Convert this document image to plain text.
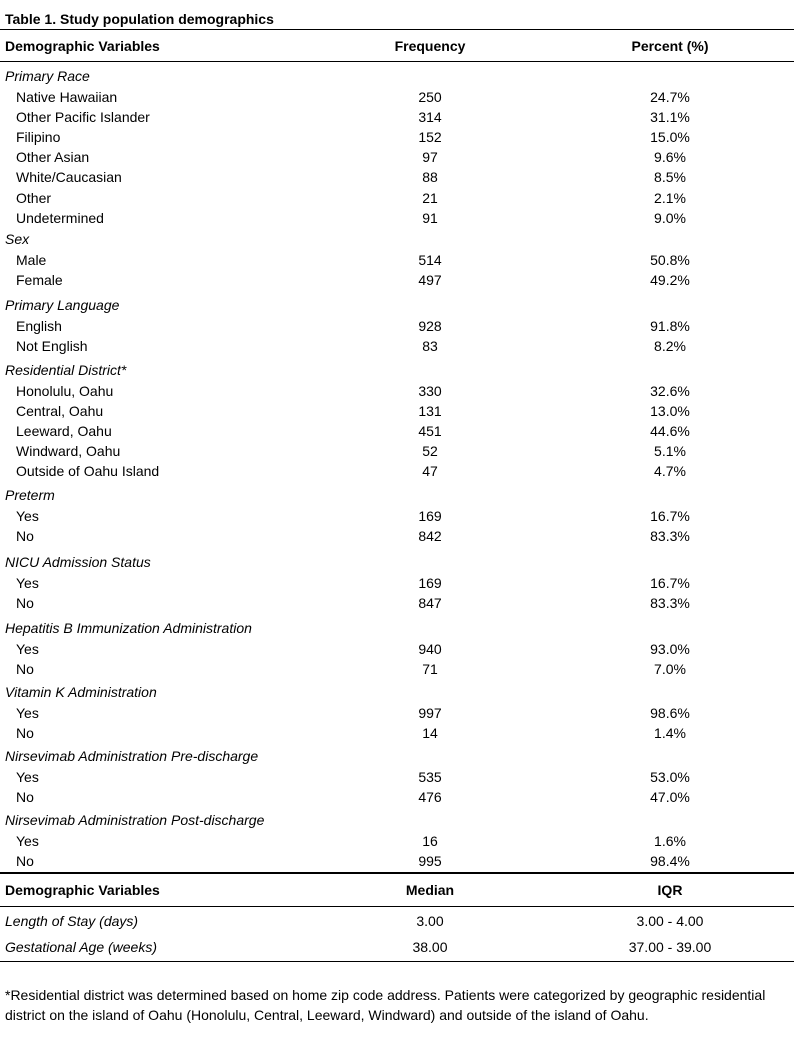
Table 1. Study population demographics
Demographic Variables	Frequency	Percent (%)
Primary Race
Native Hawaiian	250	24.7%
Other Pacific Islander	314	31.1%
Filipino	152	15.0%
Other Asian	97	9.6%
White/Caucasian	88	8.5%
Other	21	2.1%
Undetermined	91	9.0%
Sex
Male	514	50.8%
Female	497	49.2%
Primary Language
English	928	91.8%
Not English	83	8.2%
Residential District*
Honolulu, Oahu	330	32.6%
Central, Oahu	131	13.0%
Leeward, Oahu	451	44.6%
Windward, Oahu	52	5.1%
Outside of Oahu Island	47	4.7%
Preterm
Yes	169	16.7%
No	842	83.3%
NICU Admission Status
Yes	169	16.7%
No	847	83.3%
Hepatitis B Immunization Administration
Yes	940	93.0%
No	71	7.0%
Vitamin K Administration
Yes	997	98.6%
No	14	1.4%
Nirsevimab Administration Pre-discharge
Yes	535	53.0%
No	476	47.0%
Nirsevimab Administration Post-discharge
Yes	16	1.6%
No	995	98.4%
Demographic Variables	Median	IQR
Length of Stay (days)	3.00	3.00 - 4.00
Gestational Age (weeks)	38.00	37.00 - 39.00
*Residential district was determined based on home zip code address. Patients were categorized by geographic residential district on the island of Oahu (Honolulu, Central, Leeward, Windward) and outside of the island of Oahu.
